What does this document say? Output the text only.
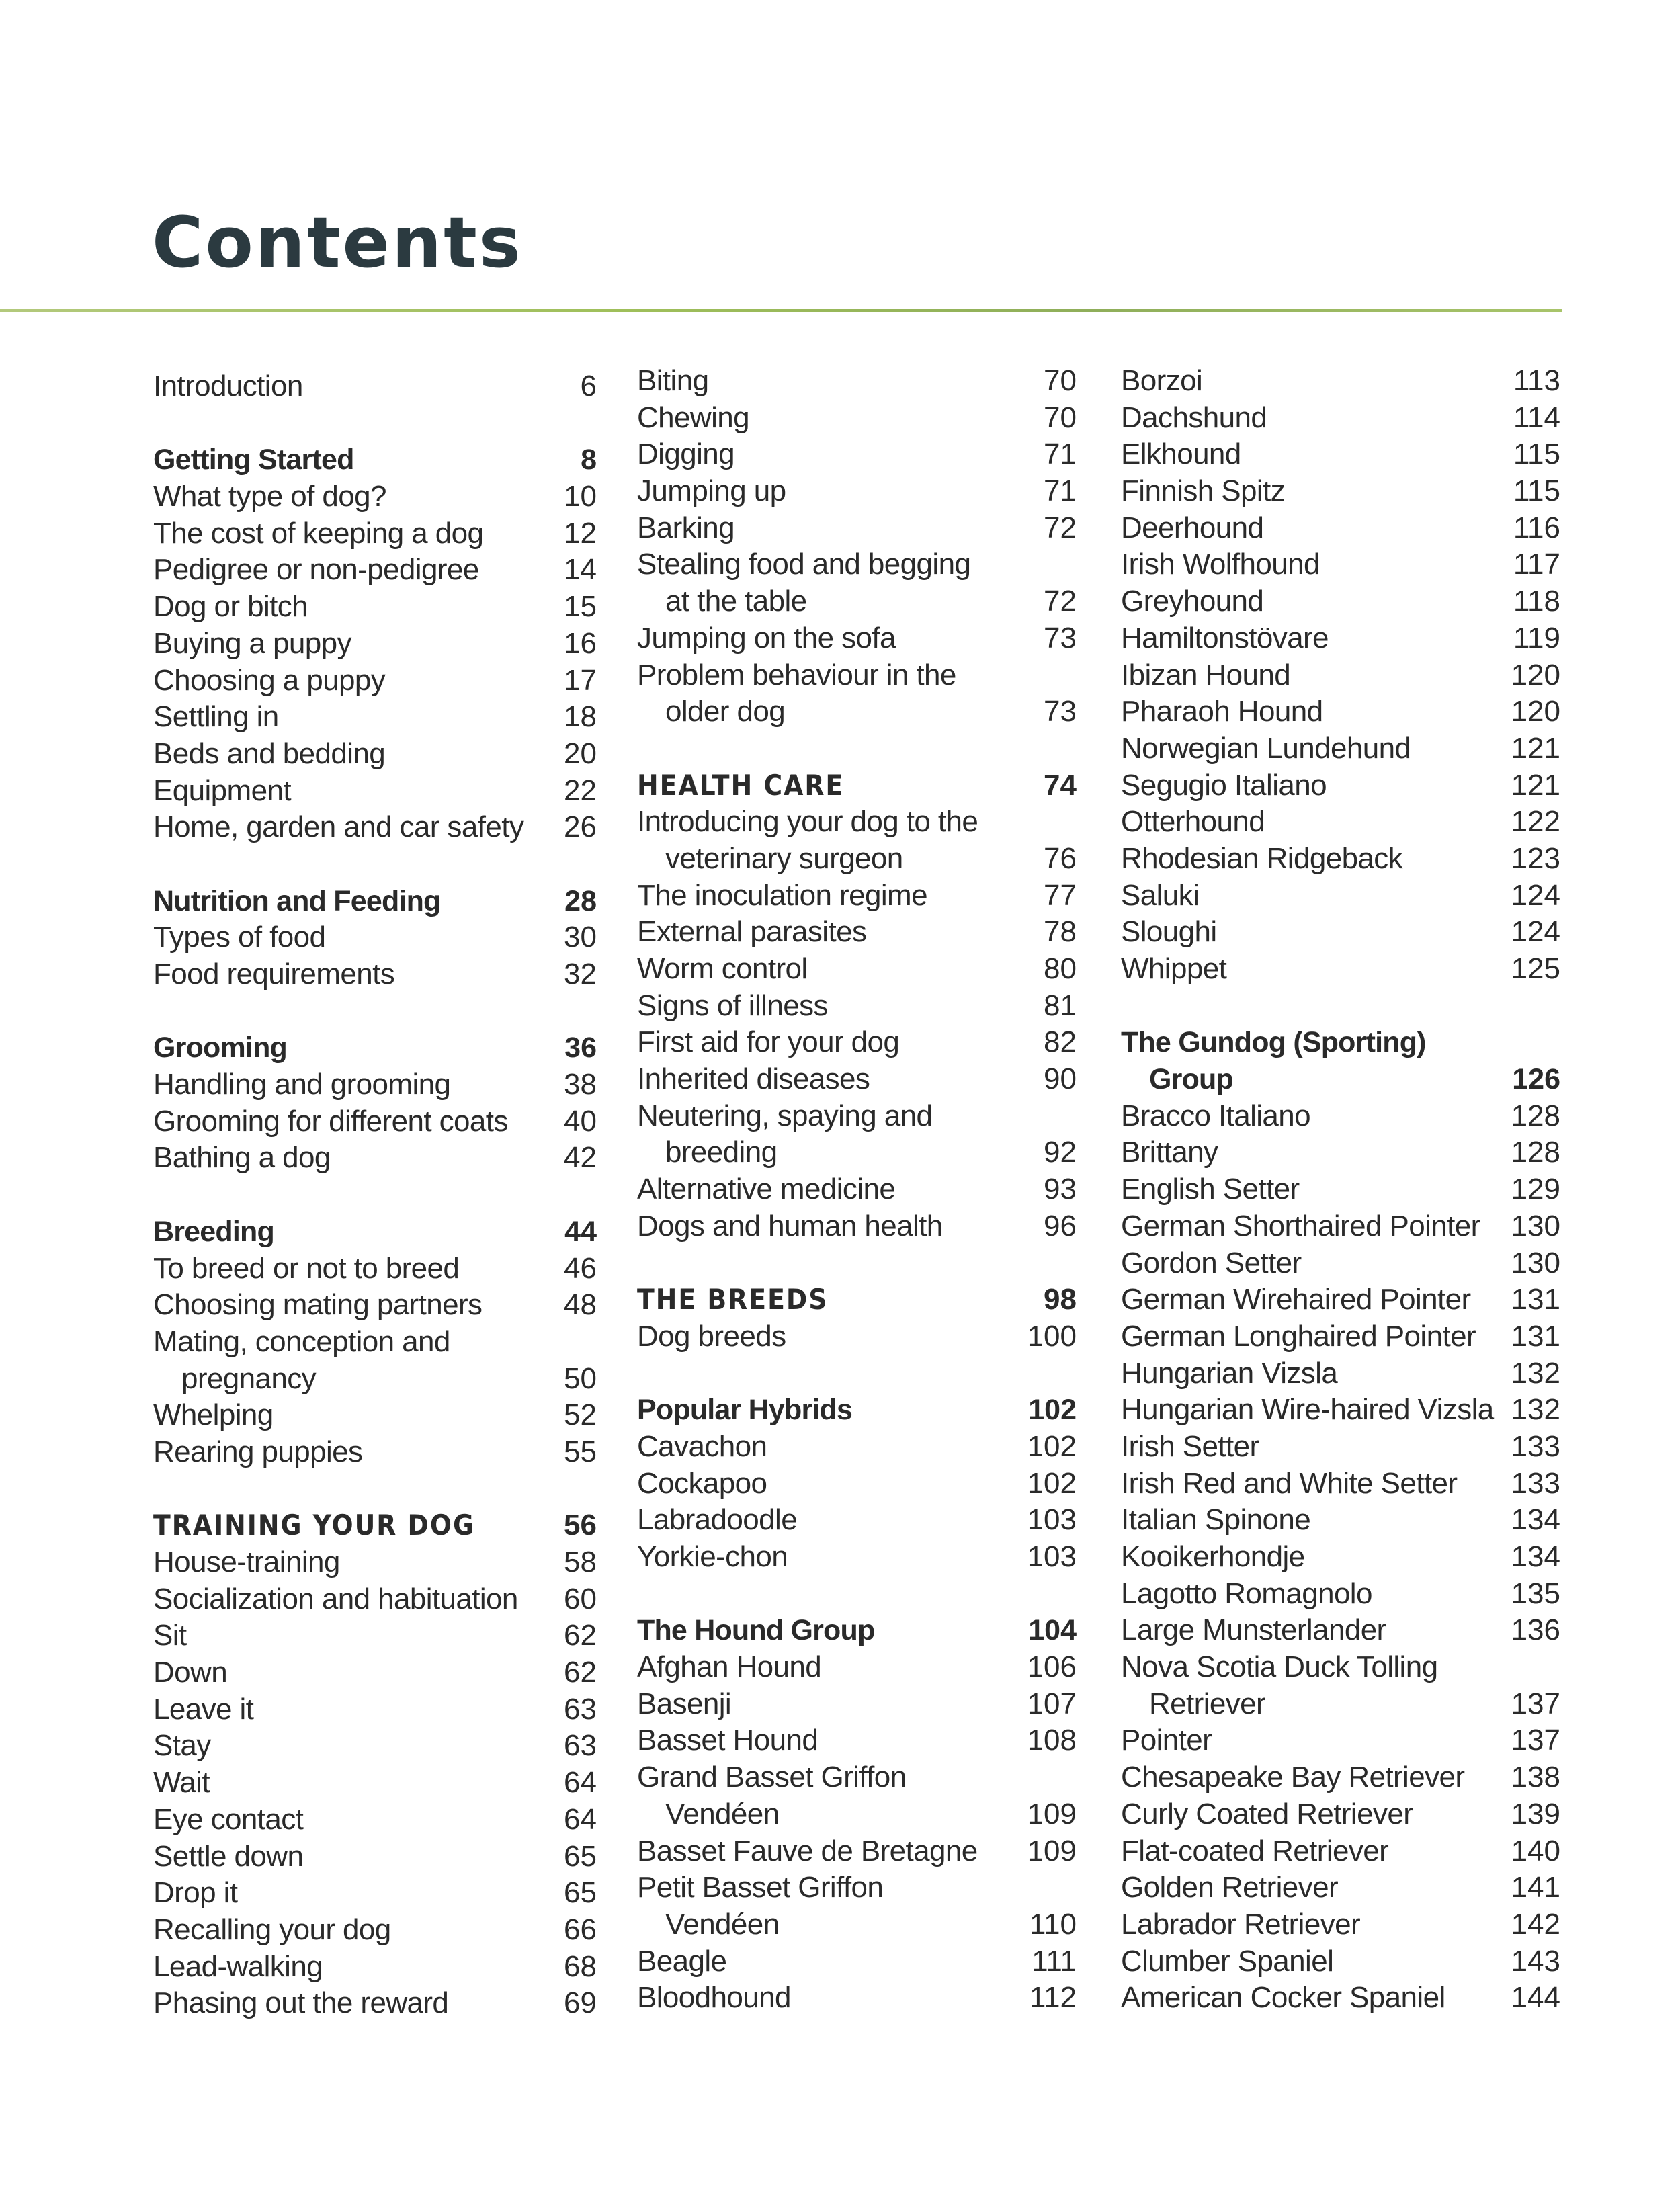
Contents
Introduction	6
Getting Started	8
What type of dog?	10
The cost of keeping a dog	12
Pedigree or non-pedigree	14
Dog or bitch	15
Buying a puppy	16
Choosing a puppy	17
Settling in	18
Beds and bedding	20
Equipment	22
Home, garden and car safety 26
Nutrition and Feeding	28
Types of food	30
Food requirements	32
Grooming	36
Handling and grooming	38
Grooming for different coats 40
Bathing a dog	42
Breeding	44
To breed or not to breed	46
Choosing mating partners	48
Mating, conception and
pregnancy	50
Whelping	52
Rearing puppies	55
TRAINING YOUR DOG	56
House-training	58
Socialization and habituation 60
Sit	62
Down	62
Leave it	63
Stay	63
Wait	64
Eye contact	64
Settle down	65
Drop it	65
Recalling your dog	66
Lead-walking	68
Phasing out the reward	69
Biting	70
Chewing	70
Digging	71
Jumping up	71
Barking	72
Stealing food and begging
at the table	72
Jumping on the sofa	73
Problem behaviour in the
older dog	73
HEALTH CARE	74
Introducing your dog to the
veterinary surgeon	76
The inoculation regime	77
External parasites	78
Worm control	80
Signs of illness	81
First aid for your dog	82
Inherited diseases	90
Neutering, spaying and
breeding	92
Alternative medicine	93
Dogs and human health	96
THE BREEDS	98
Dog breeds	100
Popular Hybrids	102
Cavachon	102
Cockapoo	102
Labradoodle	103
Yorkie-chon	103
The Hound Group	104
Afghan Hound	106
Basenji	107
Basset Hound	108
Grand Basset Griffon
Vendéen	109
Basset Fauve de Bretagne 109
Petit Basset Griffon
Vendéen	110
Beagle	111
Bloodhound	112
Borzoi	113
Dachshund	114
Elkhound	115
Finnish Spitz	115
Deerhound	116
Irish Wolfhound	117
Greyhound	118
Hamiltonstövare	119
Ibizan Hound	120
Pharaoh Hound	120
Norwegian Lundehund	121
Segugio Italiano	121
Otterhound	122
Rhodesian Ridgeback	123
Saluki	124
Sloughi	124
Whippet	125
The Gundog (Sporting)
Group	126
Bracco Italiano	128
Brittany	128
English Setter	129
German Shorthaired Pointer 130
Gordon Setter	130
German Wirehaired Pointer 131
German Longhaired Pointer 131
Hungarian Vizsla	132
Hungarian Wire-haired Vizsla 132
Irish Setter	133
Irish Red and White Setter 133
Italian Spinone	134
Kooikerhondje	134
Lagotto Romagnolo	135
Large Munsterlander	136
Nova Scotia Duck Tolling
Retriever	137
Pointer	137
Chesapeake Bay Retriever 138
Curly Coated Retriever	139
Flat-coated Retriever	140
Golden Retriever	141
Labrador Retriever	142
Clumber Spaniel	143
American Cocker Spaniel 144
